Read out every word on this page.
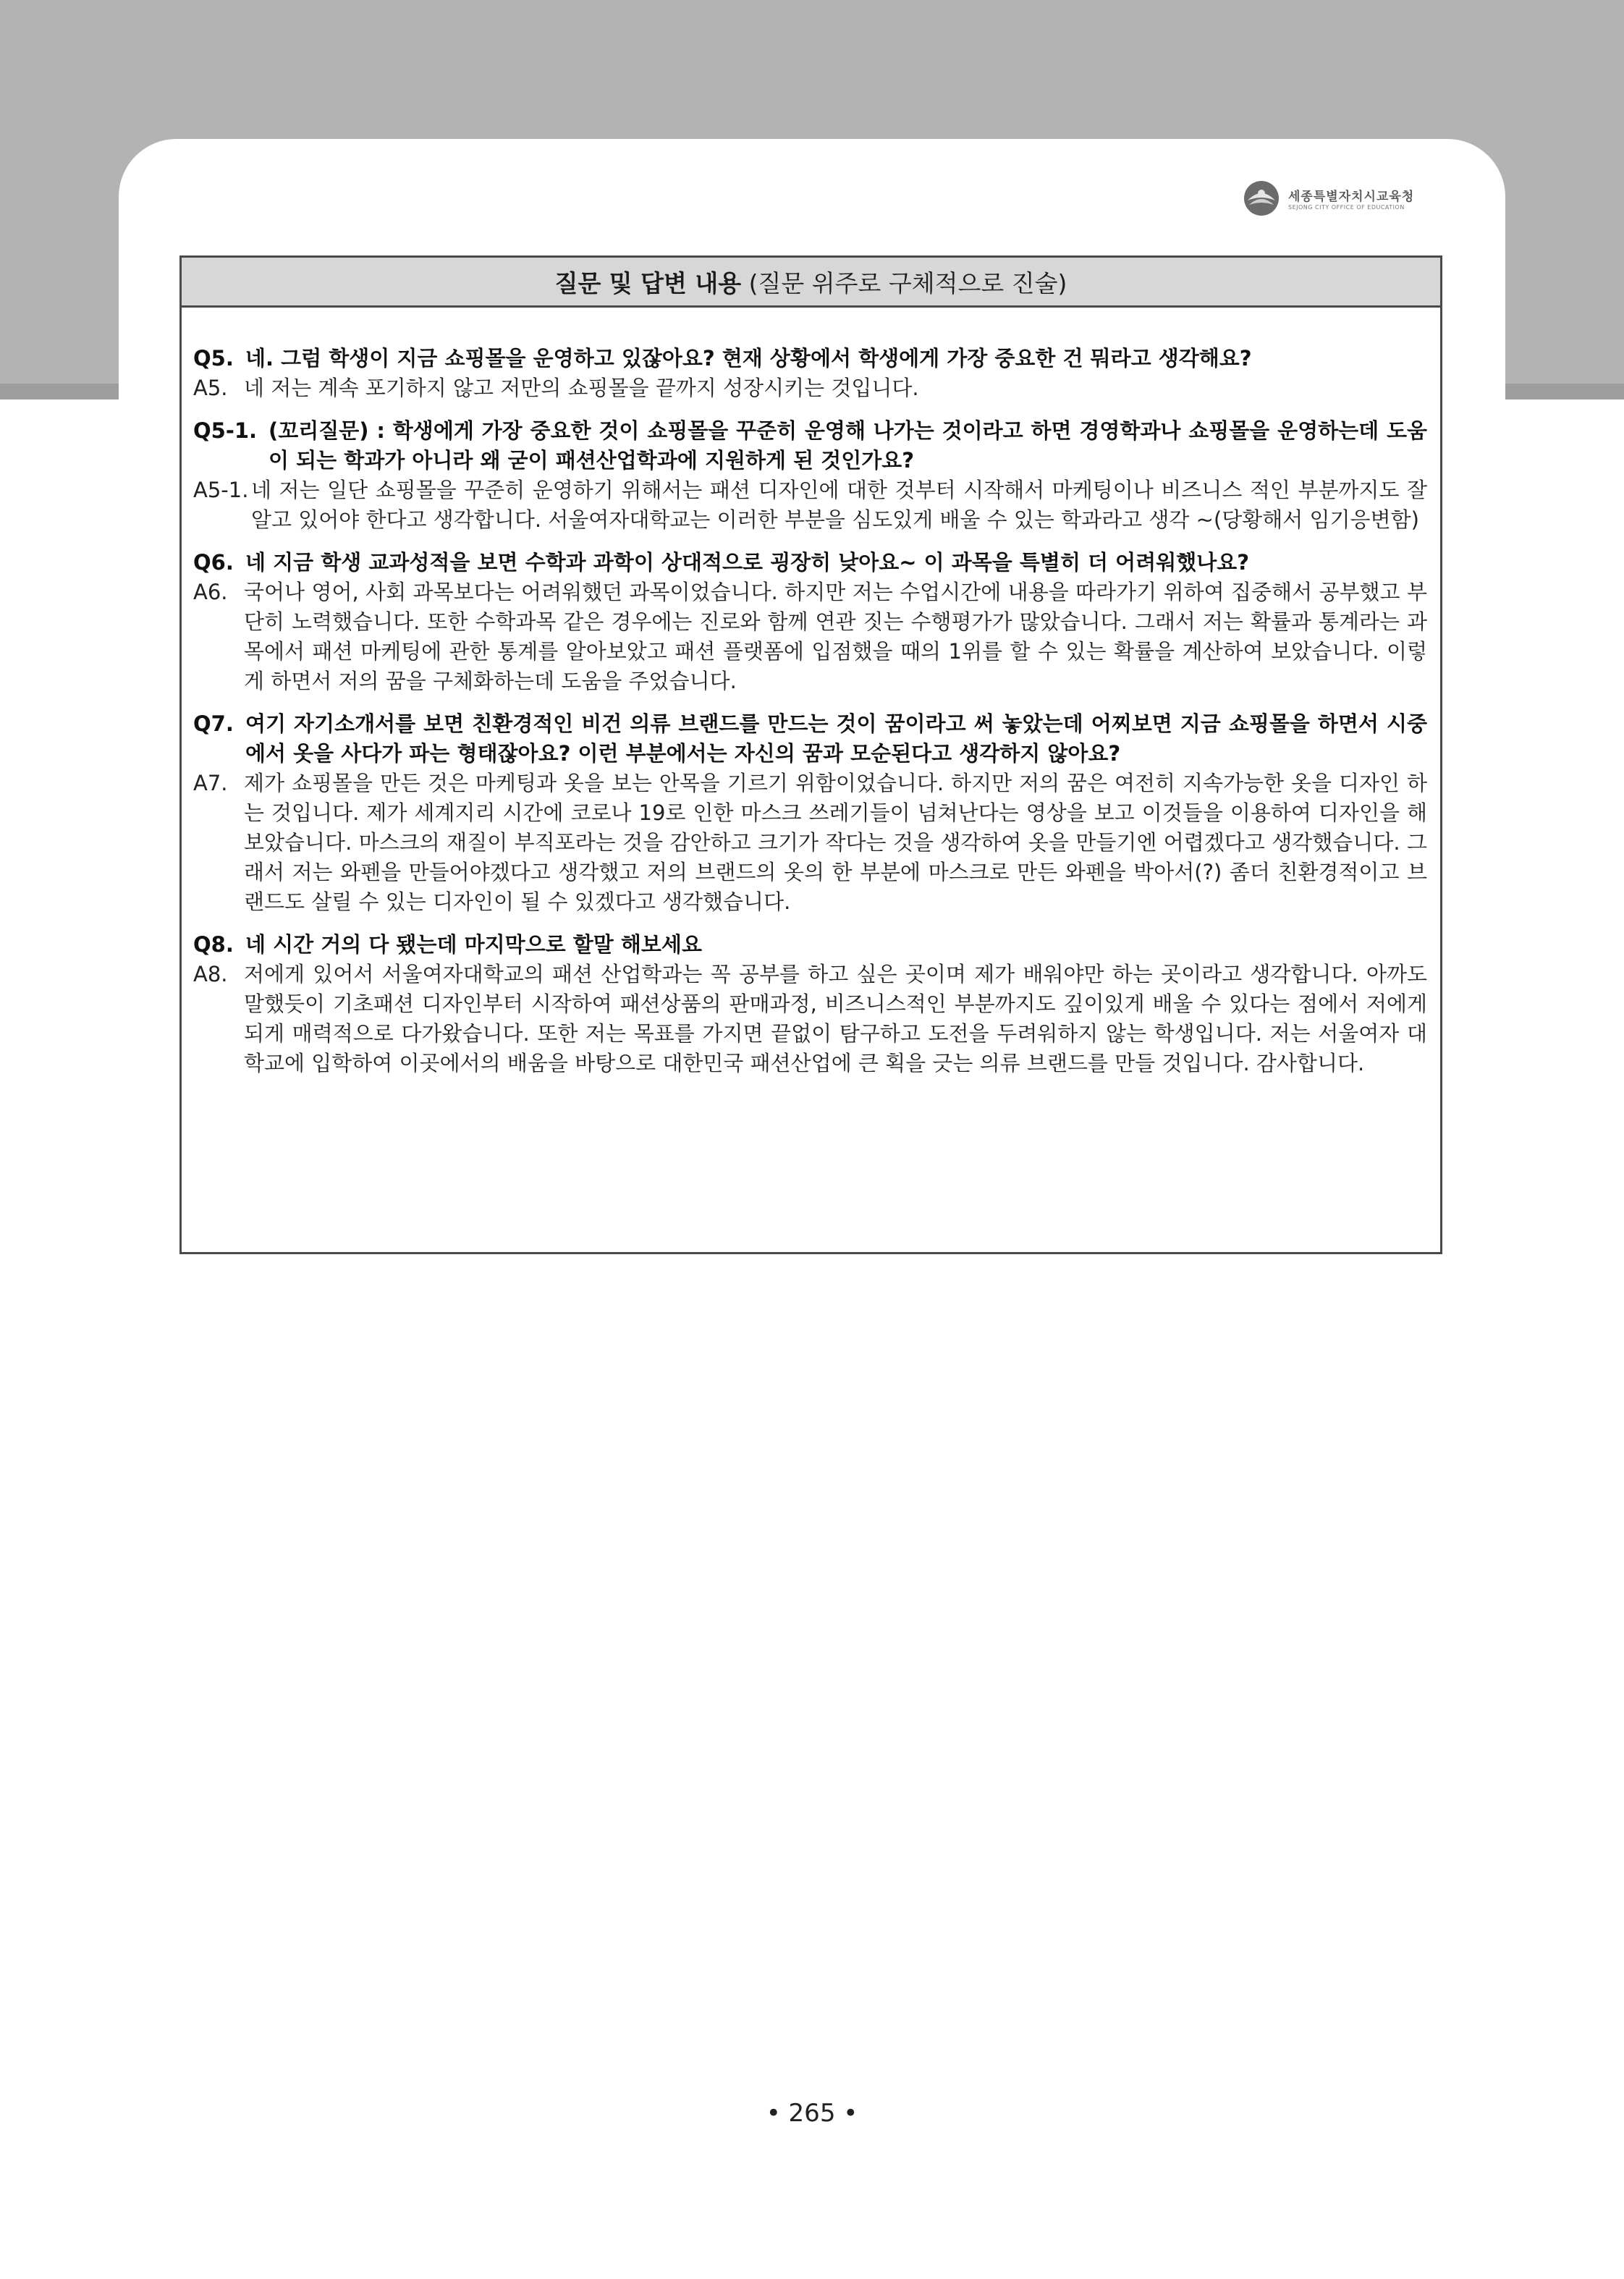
세종특별자치시교육청
SEJONG CITY OFFICE OF EDUCATION
질문 및 답변 내용 (질문 위주로 구체적으로 진술)
Q5. 네. 그럼 학생이 지금 쇼핑몰을 운영하고 있잖아요? 현재 상황에서 학생에게 가장 중요한 건 뭐라고 생각해요?
A5. 네 저는 계속 포기하지 않고 저만의 쇼핑몰을 끝까지 성장시키는 것입니다.
Q5-1. (꼬리질문) : 학생에게 가장 중요한 것이 쇼핑몰을 꾸준히 운영해 나가는 것이라고 하면 경영학과나 쇼핑몰을 운영하는데 도움이 되는 학과가 아니라 왜 굳이 패션산업학과에 지원하게 된 것인가요?
A5-1.
네 저는 일단 쇼핑몰을 꾸준히 운영하기 위해서는 패션 디자인에 대한 것부터 시작해서 마케팅이나 비즈니스 적인 부분까지도 잘 알고 있어야 한다고 생각합니다. 서울여자대학교는 이러한 부분을 심도있게 배울 수 있는 학과라고 생각 ~(당황해서 임기응변함)
Q6. 네 지금 학생 교과성적을 보면 수학과 과학이 상대적으로 굉장히 낮아요~ 이 과목을 특별히 더 어려워했나요?
A6. 국어나 영어, 사회 과목보다는 어려워했던 과목이었습니다. 하지만 저는 수업시간에 내용을 따라가기 위하여 집중해서 공부했고 부단히 노력했습니다. 또한 수학과목 같은 경우에는 진로와 함께 연관 짓는 수행평가가 많았습니다. 그래서 저는 확률과 통계라는 과목에서 패션 마케팅에 관한 통계를 알아보았고 패션 플랫폼에 입점했을 때의 1위를 할 수 있는 확률을 계산하여 보았습니다. 이렇게 하면서 저의 꿈을 구체화하는데 도움을 주었습니다.
Q7. 여기 자기소개서를 보면 친환경적인 비건 의류 브랜드를 만드는 것이 꿈이라고 써 놓았는데 어찌보면 지금 쇼핑몰을 하면서 시중에서 옷을 사다가 파는 형태잖아요? 이런 부분에서는 자신의 꿈과 모순된다고 생각하지 않아요?
A7. 제가 쇼핑몰을 만든 것은 마케팅과 옷을 보는 안목을 기르기 위함이었습니다. 하지만 저의 꿈은 여전히 지속가능한 옷을 디자인 하는 것입니다. 제가 세계지리 시간에 코로나 19로 인한 마스크 쓰레기들이 넘쳐난다는 영상을 보고 이것들을 이용하여 디자인을 해 보았습니다. 마스크의 재질이 부직포라는 것을 감안하고 크기가 작다는 것을 생각하여 옷을 만들기엔 어렵겠다고 생각했습니다. 그래서 저는 와펜을 만들어야겠다고 생각했고 저의 브랜드의 옷의 한 부분에 마스크로 만든 와펜을 박아서(?) 좀더 친환경적이고 브랜드도 살릴 수 있는 디자인이 될 수 있겠다고 생각했습니다.
Q8. 네 시간 거의 다 됐는데 마지막으로 할말 해보세요
A8. 저에게 있어서 서울여자대학교의 패션 산업학과는 꼭 공부를 하고 싶은 곳이며 제가 배워야만 하는 곳이라고 생각합니다. 아까도 말했듯이 기초패션 디자인부터 시작하여 패션상품의 판매과정, 비즈니스적인 부분까지도 깊이있게 배울 수 있다는 점에서 저에게 되게 매력적으로 다가왔습니다. 또한 저는 목표를 가지면 끝없이 탐구하고 도전을 두려워하지 않는 학생입니다. 저는 서울여자 대학교에 입학하여 이곳에서의 배움을 바탕으로 대한민국 패션산업에 큰 획을 긋는 의류 브랜드를 만들 것입니다. 감사합니다.
• 265 •
